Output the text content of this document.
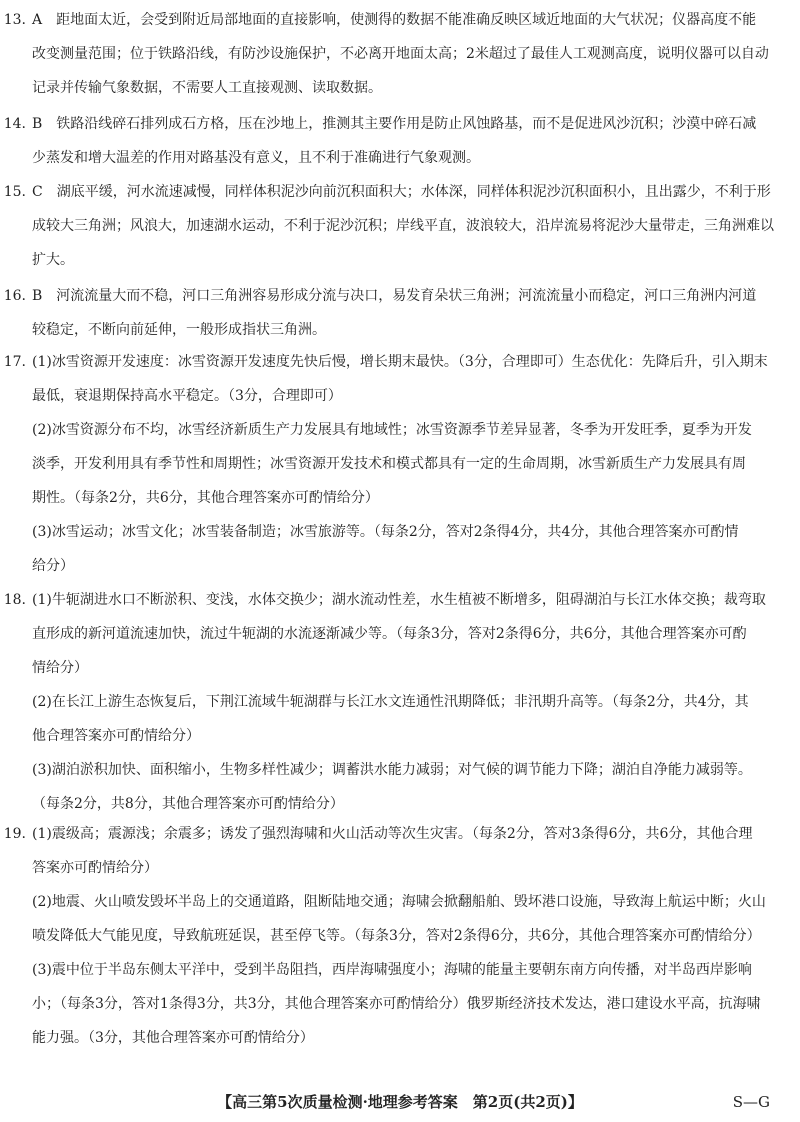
13. A　距地面太近，会受到附近局部地面的直接影响，使测得的数据不能准确反映区域近地面的大气状况；仪器高度不能
改变测量范围；位于铁路沿线，有防沙设施保护，不必离开地面太高；2米超过了最佳人工观测高度，说明仪器可以自动
记录并传输气象数据，不需要人工直接观测、读取数据。
14. B　铁路沿线碎石排列成石方格，压在沙地上，推测其主要作用是防止风蚀路基，而不是促进风沙沉积；沙漠中碎石减
少蒸发和增大温差的作用对路基没有意义，且不利于准确进行气象观测。
15. C　湖底平缓，河水流速减慢，同样体积泥沙向前沉积面积大；水体深，同样体积泥沙沉积面积小，且出露少，不利于形
成较大三角洲；风浪大，加速湖水运动，不利于泥沙沉积；岸线平直，波浪较大，沿岸流易将泥沙大量带走，三角洲难以
扩大。
16. B　河流流量大而不稳，河口三角洲容易形成分流与决口，易发育朵状三角洲；河流流量小而稳定，河口三角洲内河道
较稳定，不断向前延伸，一般形成指状三角洲。
17. (1)冰雪资源开发速度：冰雪资源开发速度先快后慢，增长期末最快。（3分，合理即可）生态优化：先降后升，引入期末
最低，衰退期保持高水平稳定。（3分，合理即可）
(2)冰雪资源分布不均，冰雪经济新质生产力发展具有地域性；冰雪资源季节差异显著，冬季为开发旺季，夏季为开发
淡季，开发利用具有季节性和周期性；冰雪资源开发技术和模式都具有一定的生命周期，冰雪新质生产力发展具有周
期性。（每条2分，共6分，其他合理答案亦可酌情给分）
(3)冰雪运动；冰雪文化；冰雪装备制造；冰雪旅游等。（每条2分，答对2条得4分，共4分，其他合理答案亦可酌情
给分）
18. (1)牛轭湖进水口不断淤积、变浅，水体交换少；湖水流动性差，水生植被不断增多，阻碍湖泊与长江水体交换；裁弯取
直形成的新河道流速加快，流过牛轭湖的水流逐渐减少等。（每条3分，答对2条得6分，共6分，其他合理答案亦可酌
情给分）
(2)在长江上游生态恢复后，下荆江流域牛轭湖群与长江水文连通性汛期降低；非汛期升高等。（每条2分，共4分，其
他合理答案亦可酌情给分）
(3)湖泊淤积加快、面积缩小，生物多样性减少；调蓄洪水能力减弱；对气候的调节能力下降；湖泊自净能力减弱等。
（每条2分，共8分，其他合理答案亦可酌情给分）
19. (1)震级高；震源浅；余震多；诱发了强烈海啸和火山活动等次生灾害。（每条2分，答对3条得6分，共6分，其他合理
答案亦可酌情给分）
(2)地震、火山喷发毁坏半岛上的交通道路，阻断陆地交通；海啸会掀翻船舶、毁坏港口设施，导致海上航运中断；火山
喷发降低大气能见度，导致航班延误，甚至停飞等。（每条3分，答对2条得6分，共6分，其他合理答案亦可酌情给分）
(3)震中位于半岛东侧太平洋中，受到半岛阻挡，西岸海啸强度小；海啸的能量主要朝东南方向传播，对半岛西岸影响
小；（每条3分，答对1条得3分，共3分，其他合理答案亦可酌情给分）俄罗斯经济技术发达，港口建设水平高，抗海啸
能力强。（3分，其他合理答案亦可酌情给分）
【高三第5次质量检测·地理参考答案　第2页(共2页)】	S—G
